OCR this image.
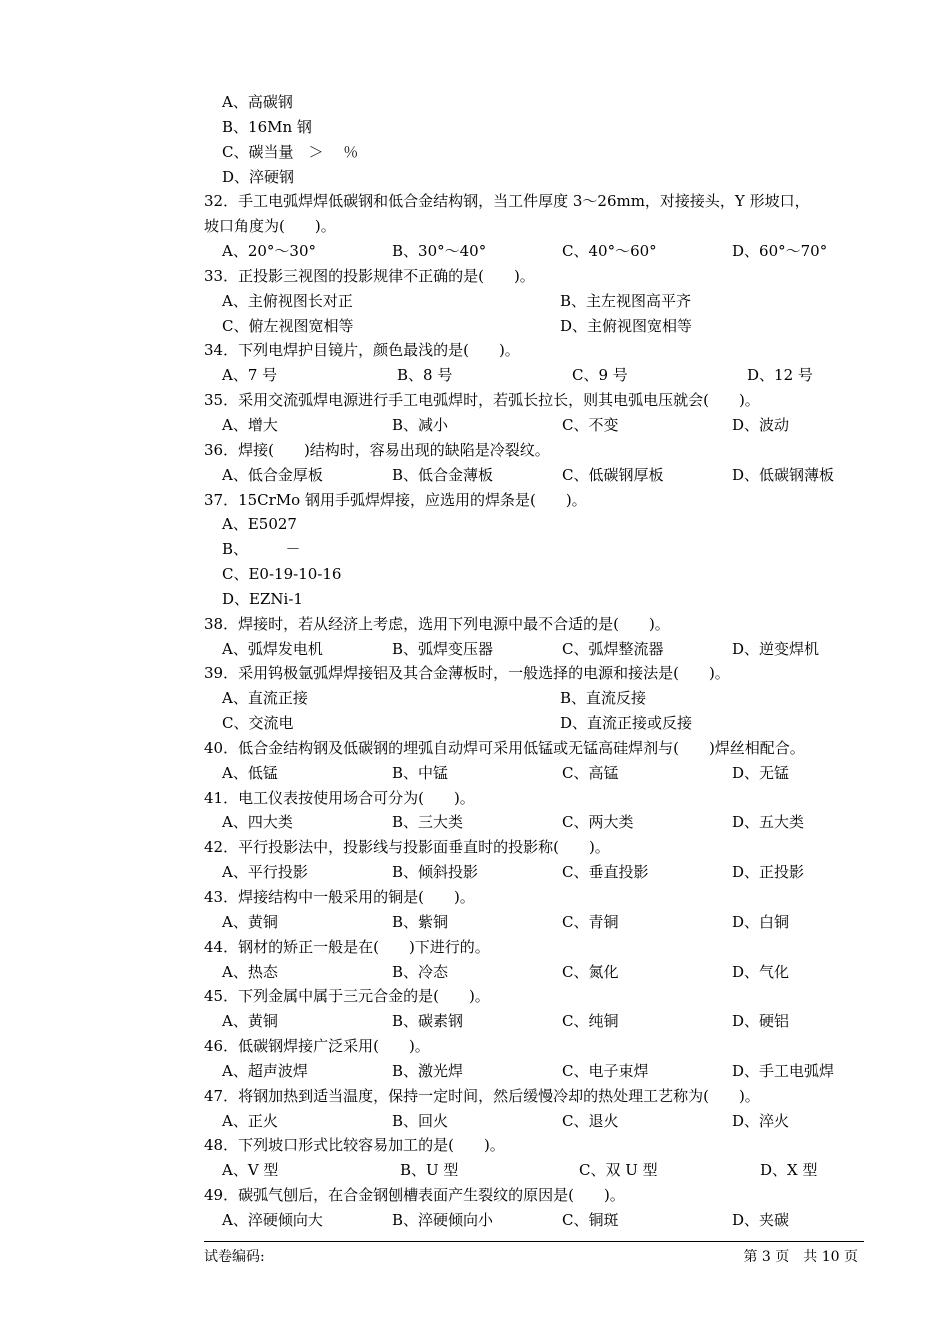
A、高碳钢
B、16Mn 钢
C、碳当量　＞　 ％
D、淬硬钢
32．手工电弧焊焊低碳钢和低合金结构钢，当工件厚度 3～26mm，对接接头，Y 形坡口，
坡口角度为(　　)。
A、20°～30°	B、30°～40°	C、40°～60°	D、60°～70°
33．正投影三视图的投影规律不正确的是(　　)。
A、主俯视图长对正	B、主左视图高平齐
C、俯左视图宽相等	D、主俯视图宽相等
34．下列电焊护目镜片，颜色最浅的是(　　)。
A、7 号	B、8 号	C、9 号	D、12 号
35．采用交流弧焊电源进行手工电弧焊时，若弧长拉长，则其电弧电压就会(　　)。
A、增大	B、减小	C、不变	D、波动
36．焊接(　　)结构时，容易出现的缺陷是冷裂纹。
A、低合金厚板	B、低合金薄板	C、低碳钢厚板	D、低碳钢薄板
37．15CrMo 钢用手弧焊焊接，应选用的焊条是(　　)。
A、E5027
B、　　　－
C、E0-19-10-16
D、EZNi-1
38．焊接时，若从经济上考虑，选用下列电源中最不合适的是(　　)。
A、弧焊发电机	B、弧焊变压器	C、弧焊整流器	D、逆变焊机
39．采用钨极氩弧焊焊接铝及其合金薄板时，一般选择的电源和接法是(　　)。
A、直流正接	B、直流反接
C、交流电	D、直流正接或反接
40．低合金结构钢及低碳钢的埋弧自动焊可采用低锰或无锰高硅焊剂与(　　)焊丝相配合。
A、低锰	B、中锰	C、高锰	D、无锰
41．电工仪表按使用场合可分为(　　)。
A、四大类	B、三大类	C、两大类	D、五大类
42．平行投影法中，投影线与投影面垂直时的投影称(　　)。
A、平行投影	B、倾斜投影	C、垂直投影	D、正投影
43．焊接结构中一般采用的铜是(　　)。
A、黄铜	B、紫铜	C、青铜	D、白铜
44．钢材的矫正一般是在(　　)下进行的。
A、热态	B、冷态	C、氮化	D、气化
45．下列金属中属于三元合金的是(　　)。
A、黄铜	B、碳素钢	C、纯铜	D、硬铝
46．低碳钢焊接广泛采用(　　)。
A、超声波焊	B、激光焊	C、电子束焊	D、手工电弧焊
47．将钢加热到适当温度，保持一定时间，然后缓慢冷却的热处理工艺称为(　　)。
A、正火	B、回火	C、退火	D、淬火
48．下列坡口形式比较容易加工的是(　　)。
A、V 型	B、U 型	C、双 U 型	D、X 型
49．碳弧气刨后，在合金钢刨槽表面产生裂纹的原因是(　　)。
A、淬硬倾向大	B、淬硬倾向小	C、铜斑	D、夹碳
试卷编码:	第 3 页　共 10 页
